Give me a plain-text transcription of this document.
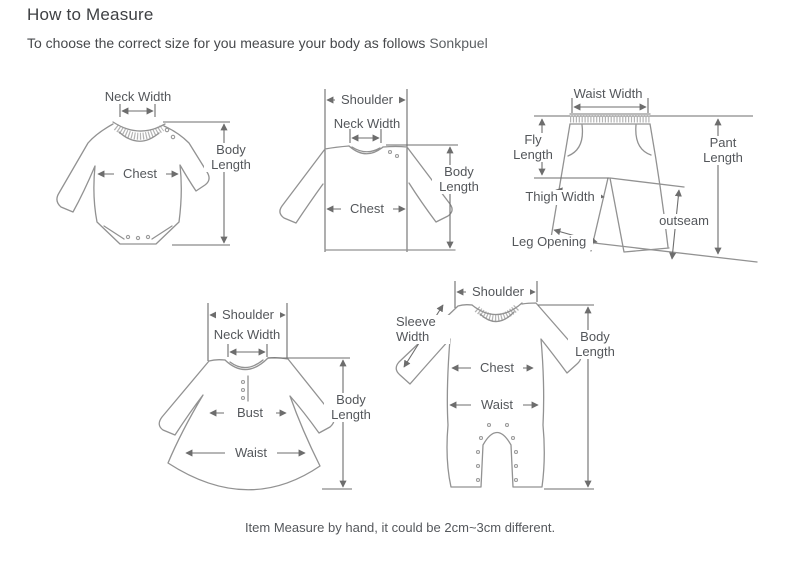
How to Measure
To choose the correct size for you measure your body as follows Sonkpuel
Neck Width
Chest
Body Length
Shoulder
Neck Width
Chest
Body Length
Waist Width
Fly Length
Pant Length
Thigh Width
outseam
Leg Opening
Shoulder
Neck Width
Bust
Waist
Body Length
Shoulder
Sleeve Width
Chest
Waist
Body Length
Item Measure by hand, it could be 2cm~3cm different.
